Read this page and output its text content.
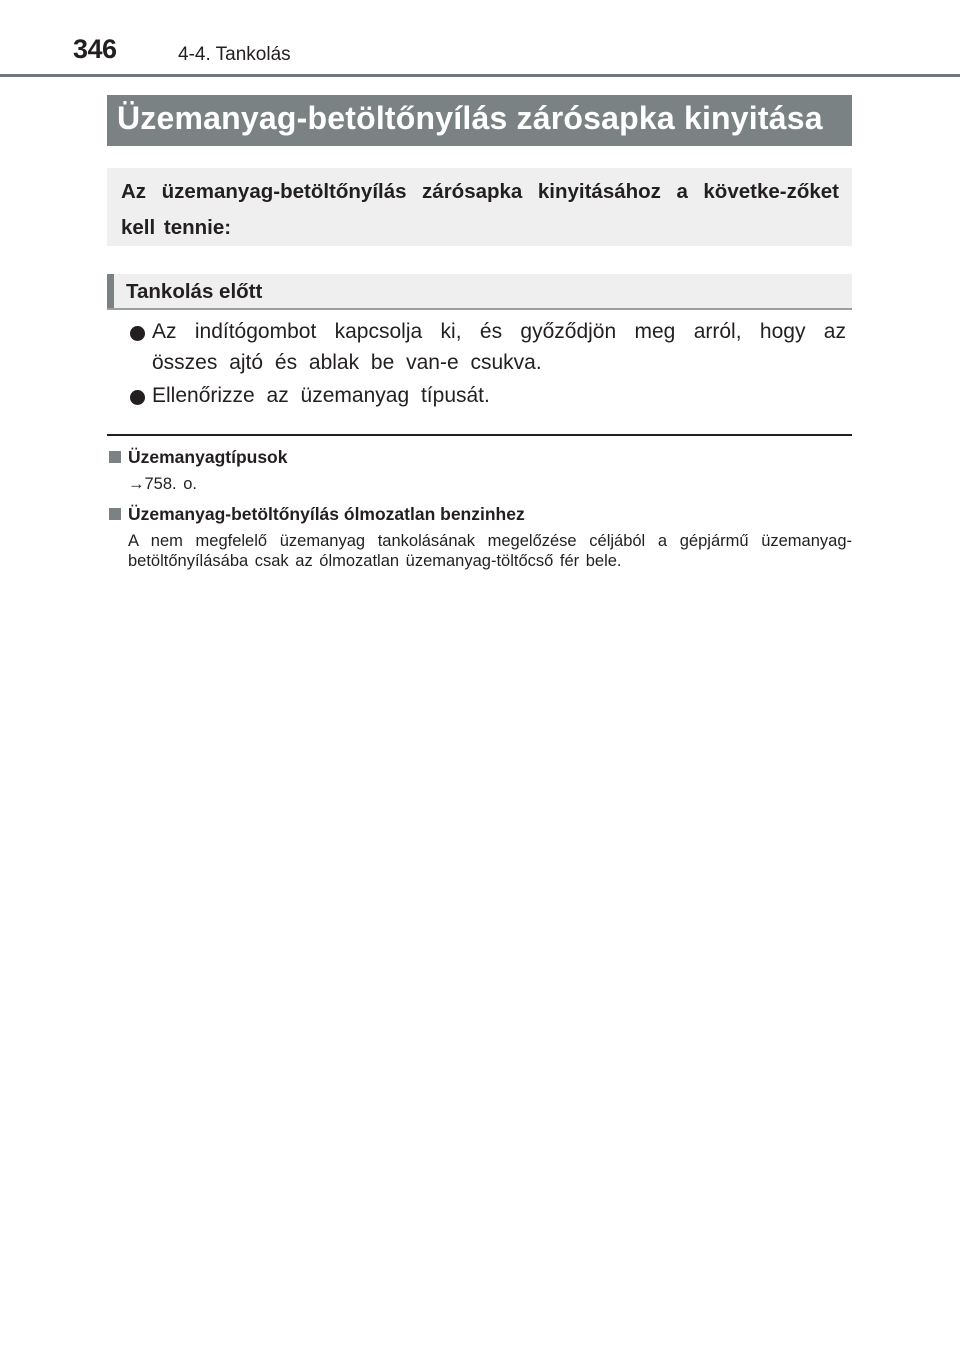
346	4-4. Tankolás
Üzemanyag-betöltőnyílás zárósapka kinyitása
Az üzemanyag-betöltőnyílás zárósapka kinyitásához a követke-zőket kell tennie:
Tankolás előtt
Az indítógombot kapcsolja ki, és győződjön meg arról, hogy az összes ajtó és ablak be van-e csukva.
Ellenőrizze az üzemanyag típusát.
Üzemanyagtípusok
→758. o.
Üzemanyag-betöltőnyílás ólmozatlan benzinhez
A nem megfelelő üzemanyag tankolásának megelőzése céljából a gépjármű üzemanyag-betöltőnyílásába csak az ólmozatlan üzemanyag-töltőcső fér bele.
